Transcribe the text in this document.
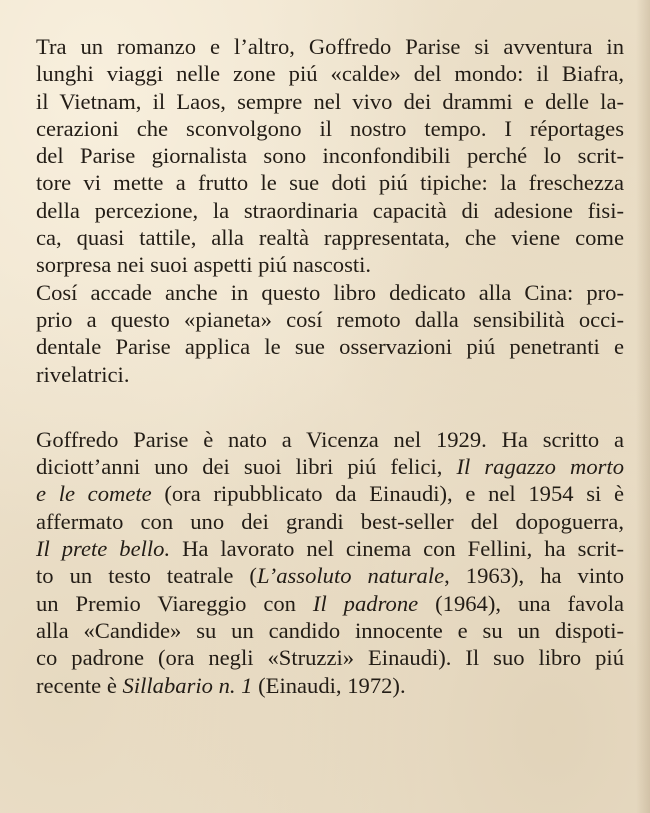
Tra un romanzo e l’altro, Goffredo Parise si avventura in
lunghi viaggi nelle zone piú «calde» del mondo: il Biafra,
il Vietnam, il Laos, sempre nel vivo dei drammi e delle la-
cerazioni che sconvolgono il nostro tempo. I réportages
del Parise giornalista sono inconfondibili perché lo scrit-
tore vi mette a frutto le sue doti piú tipiche: la freschezza
della percezione, la straordinaria capacità di adesione fisi-
ca, quasi tattile, alla realtà rappresentata, che viene come
sorpresa nei suoi aspetti piú nascosti.
Cosí accade anche in questo libro dedicato alla Cina: pro-
prio a questo «pianeta» cosí remoto dalla sensibilità occi-
dentale Parise applica le sue osservazioni piú penetranti e
rivelatrici.
Goffredo Parise è nato a Vicenza nel 1929. Ha scritto a
diciott’anni uno dei suoi libri piú felici, Il ragazzo morto
e le comete (ora ripubblicato da Einaudi), e nel 1954 si è
affermato con uno dei grandi best-seller del dopoguerra,
Il prete bello. Ha lavorato nel cinema con Fellini, ha scrit-
to un testo teatrale (L’assoluto naturale, 1963), ha vinto
un Premio Viareggio con Il padrone (1964), una favola
alla «Candide» su un candido innocente e su un dispoti-
co padrone (ora negli «Struzzi» Einaudi). Il suo libro piú
recente è Sillabario n. 1 (Einaudi, 1972).
